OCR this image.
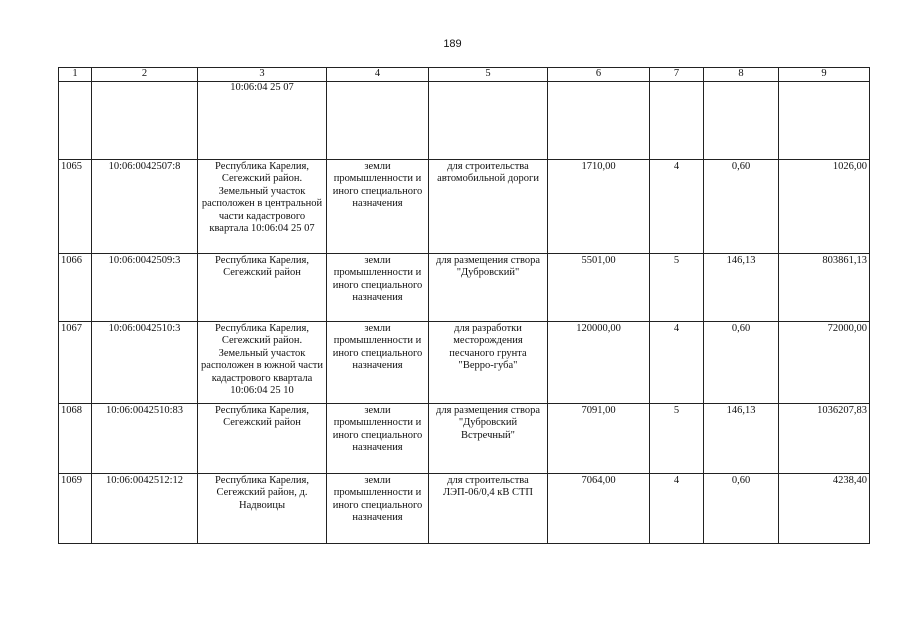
189
1	2	3	4	5	6	7	8	9
		10:06:04 25 07						
1065	10:06:0042507:8	Республика Карелия, Сегежский район. Земельный участок расположен в центральной части кадастрового квартала 10:06:04 25 07	земли промышленности и иного специального назначения	для строительства автомобильной дороги	1710,00	4	0,60	1026,00
1066	10:06:0042509:3	Республика Карелия, Сегежский район	земли промышленности и иного специального назначения	для размещения створа "Дубровский"	5501,00	5	146,13	803861,13
1067	10:06:0042510:3	Республика Карелия, Сегежский район. Земельный участок расположен в южной части кадастрового квартала 10:06:04 25 10	земли промышленности и иного специального назначения	для разработки месторождения песчаного грунта "Верро-губа"	120000,00	4	0,60	72000,00
1068	10:06:0042510:83	Республика Карелия, Сегежский район	земли промышленности и иного специального назначения	для размещения створа "Дубровский Встречный"	7091,00	5	146,13	1036207,83
1069	10:06:0042512:12	Республика Карелия, Сегежский район, д. Надвоицы	земли промышленности и иного специального назначения	для строительства ЛЭП-06/0,4 кВ СТП	7064,00	4	0,60	4238,40
